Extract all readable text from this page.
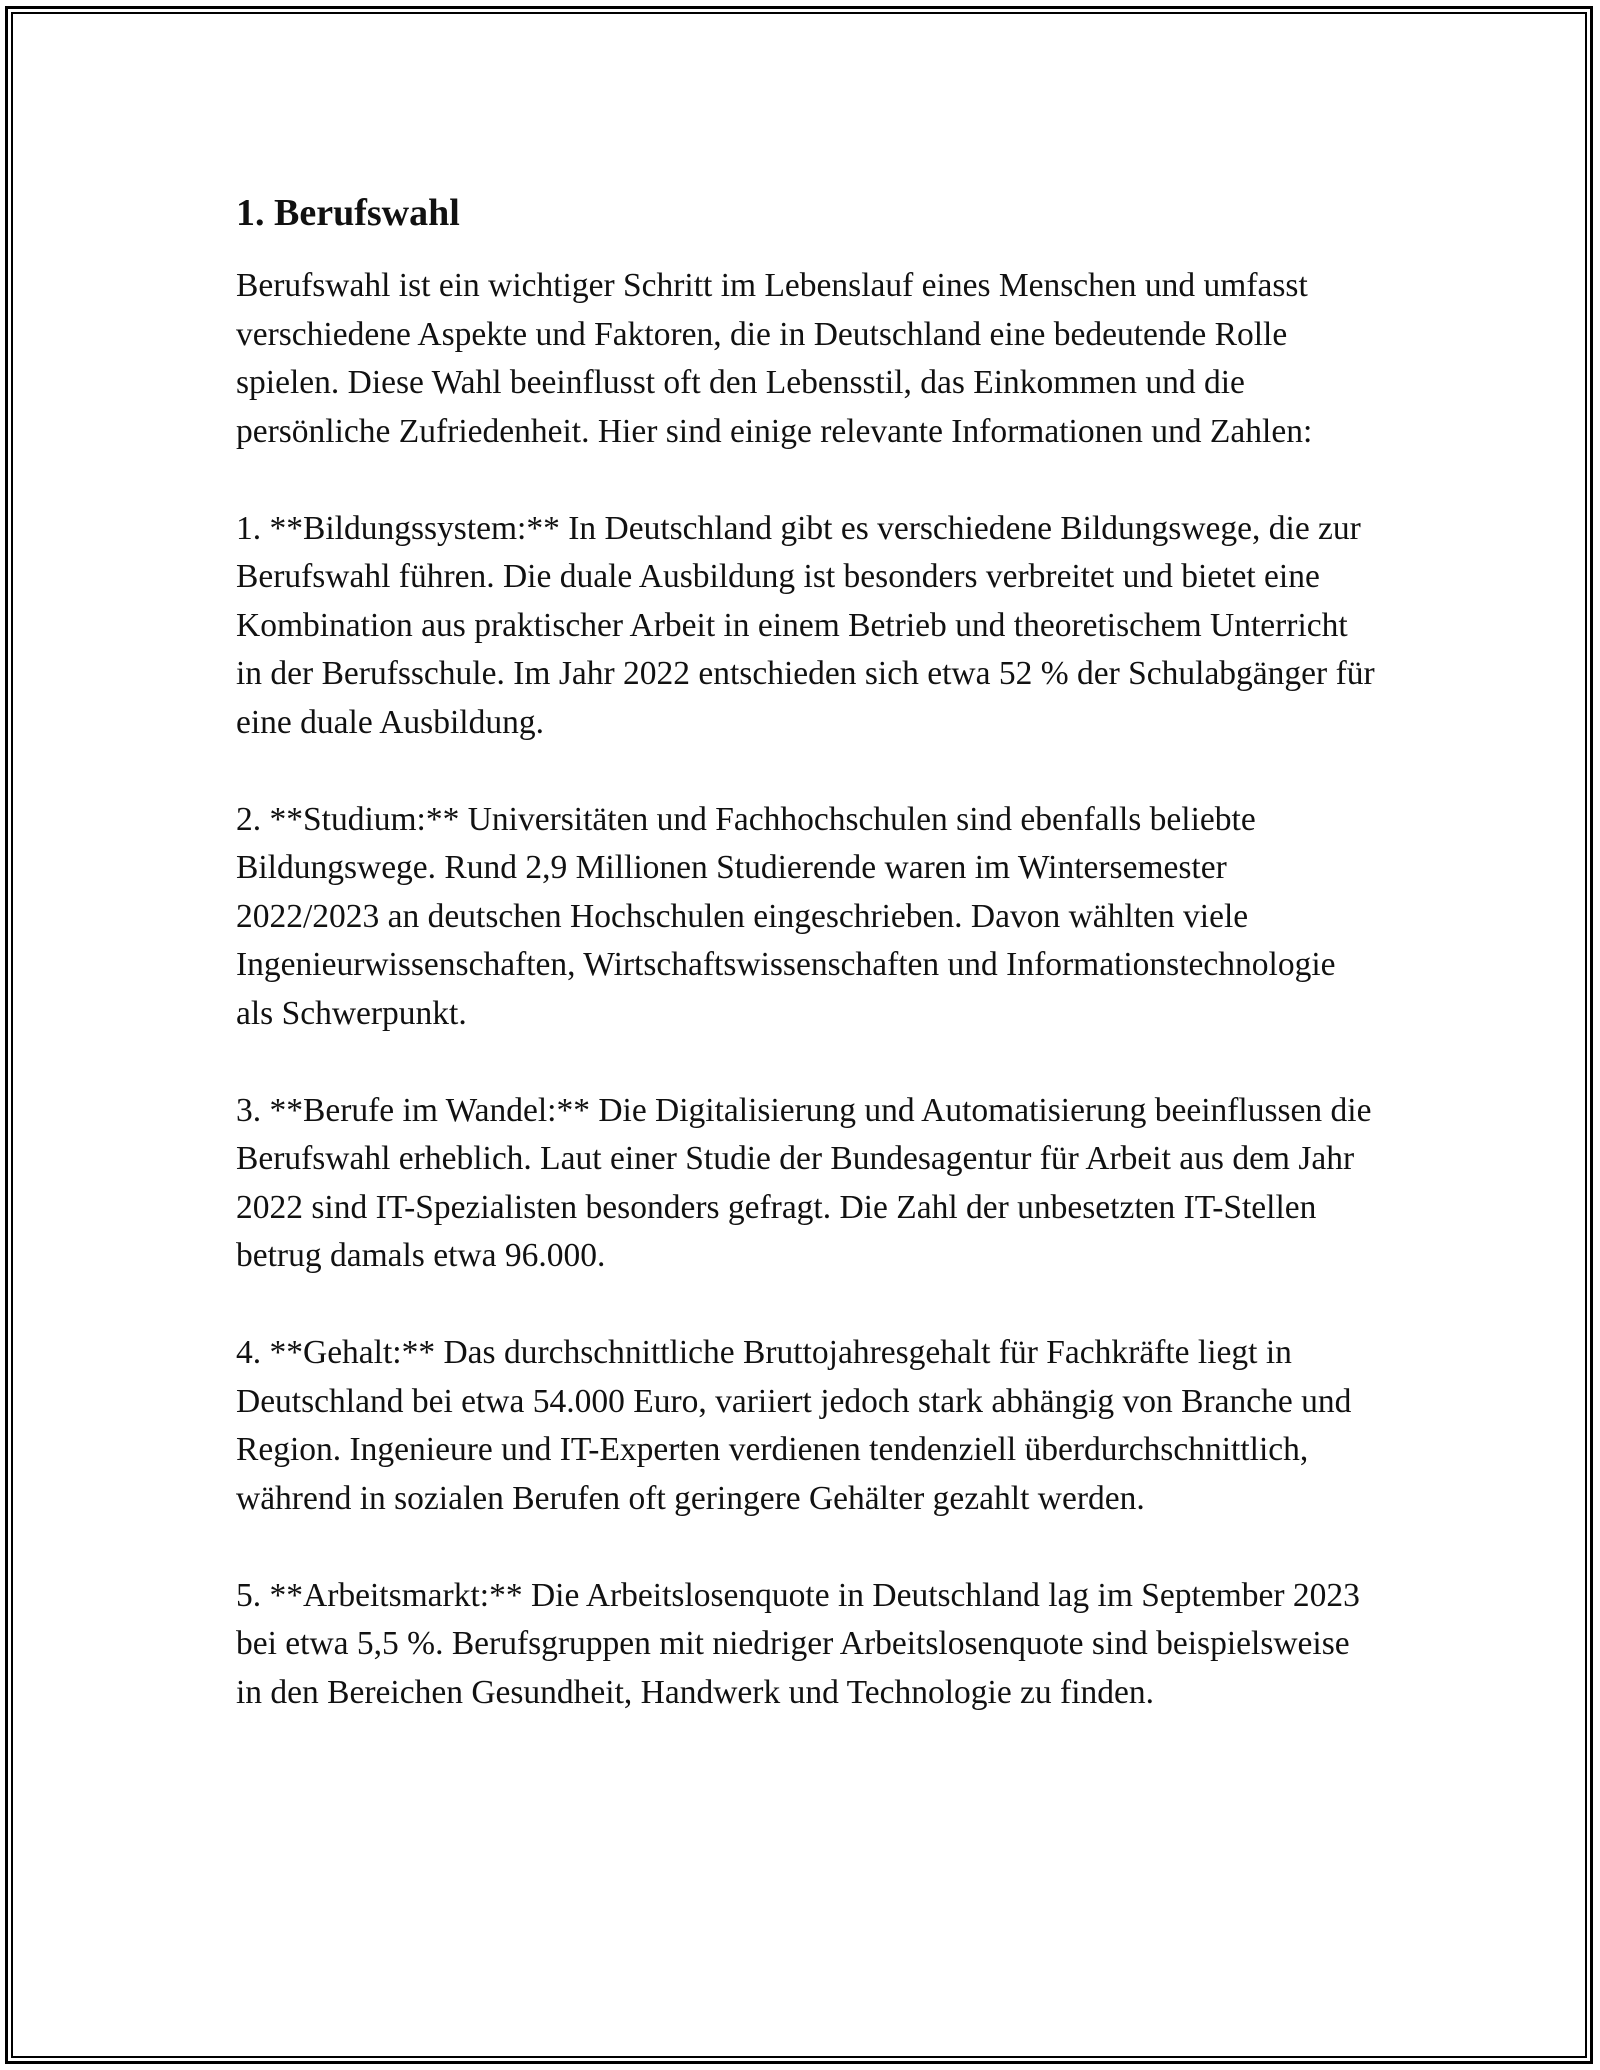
1. Berufswahl

Berufswahl ist ein wichtiger Schritt im Lebenslauf eines Menschen und umfasst verschiedene Aspekte und Faktoren, die in Deutschland eine bedeutende Rolle spielen. Diese Wahl beeinflusst oft den Lebensstil, das Einkommen und die persönliche Zufriedenheit. Hier sind einige relevante Informationen und Zahlen:

1. **Bildungssystem:** In Deutschland gibt es verschiedene Bildungswege, die zur Berufswahl führen. Die duale Ausbildung ist besonders verbreitet und bietet eine Kombination aus praktischer Arbeit in einem Betrieb und theoretischem Unterricht in der Berufsschule. Im Jahr 2022 entschieden sich etwa 52 % der Schulabgänger für eine duale Ausbildung.

2. **Studium:** Universitäten und Fachhochschulen sind ebenfalls beliebte Bildungswege. Rund 2,9 Millionen Studierende waren im Wintersemester 2022/2023 an deutschen Hochschulen eingeschrieben. Davon wählten viele Ingenieurwissenschaften, Wirtschaftswissenschaften und Informationstechnologie als Schwerpunkt.

3. **Berufe im Wandel:** Die Digitalisierung und Automatisierung beeinflussen die Berufswahl erheblich. Laut einer Studie der Bundesagentur für Arbeit aus dem Jahr 2022 sind IT-Spezialisten besonders gefragt. Die Zahl der unbesetzten IT-Stellen betrug damals etwa 96.000.

4. **Gehalt:** Das durchschnittliche Bruttojahresgehalt für Fachkräfte liegt in Deutschland bei etwa 54.000 Euro, variiert jedoch stark abhängig von Branche und Region. Ingenieure und IT-Experten verdienen tendenziell überdurchschnittlich, während in sozialen Berufen oft geringere Gehälter gezahlt werden.

5. **Arbeitsmarkt:** Die Arbeitslosenquote in Deutschland lag im September 2023 bei etwa 5,5 %. Berufsgruppen mit niedriger Arbeitslosenquote sind beispielsweise in den Bereichen Gesundheit, Handwerk und Technologie zu finden.
